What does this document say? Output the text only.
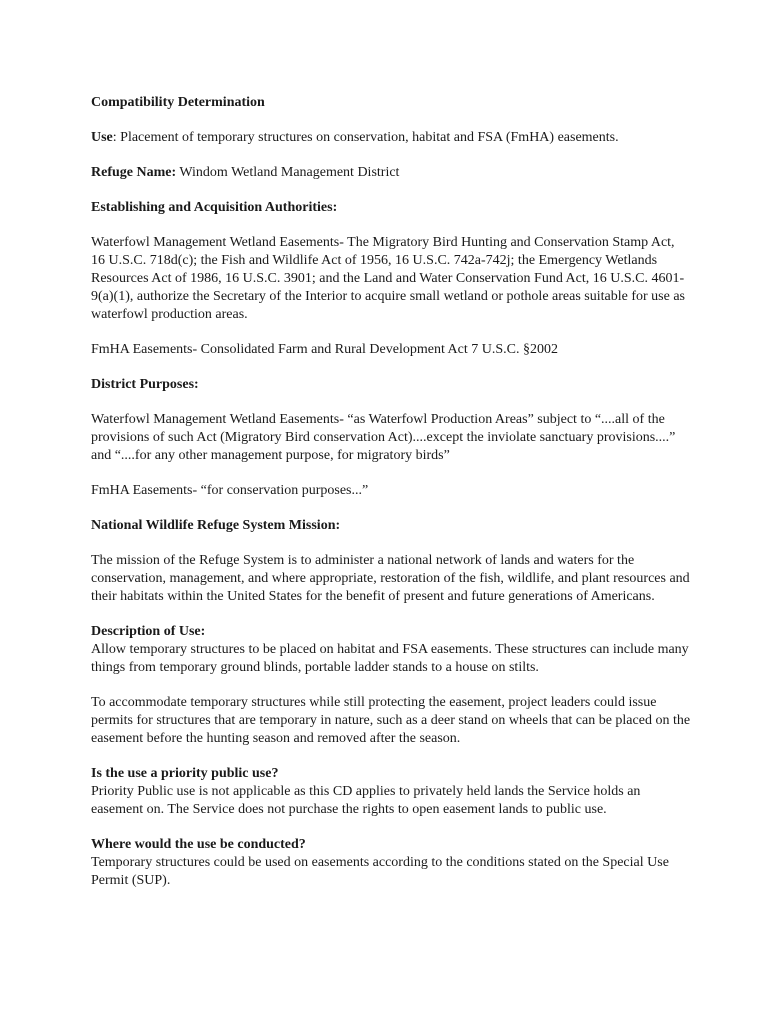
Compatibility Determination

Use: Placement of temporary structures on conservation, habitat and FSA (FmHA) easements.

Refuge Name: Windom Wetland Management District

Establishing and Acquisition Authorities:

Waterfowl Management Wetland Easements- The Migratory Bird Hunting and Conservation Stamp Act, 16 U.S.C. 718d(c); the Fish and Wildlife Act of 1956, 16 U.S.C. 742a-742j; the Emergency Wetlands Resources Act of 1986, 16 U.S.C. 3901; and the Land and Water Conservation Fund Act, 16 U.S.C. 4601-9(a)(1), authorize the Secretary of the Interior to acquire small wetland or pothole areas suitable for use as waterfowl production areas.

FmHA Easements- Consolidated Farm and Rural Development Act 7 U.S.C. §2002

District Purposes:

Waterfowl Management Wetland Easements- “as Waterfowl Production Areas” subject to “....all of the provisions of such Act (Migratory Bird conservation Act)....except the inviolate sanctuary provisions....” and “....for any other management purpose, for migratory birds”

FmHA Easements- “for conservation purposes...”

National Wildlife Refuge System Mission:

The mission of the Refuge System is to administer a national network of lands and waters for the conservation, management, and where appropriate, restoration of the fish, wildlife, and plant resources and their habitats within the United States for the benefit of present and future generations of Americans.

Description of Use:

Allow temporary structures to be placed on habitat and FSA easements. These structures can include many things from temporary ground blinds, portable ladder stands to a house on stilts.

To accommodate temporary structures while still protecting the easement, project leaders could issue permits for structures that are temporary in nature, such as a deer stand on wheels that can be placed on the easement before the hunting season and removed after the season.

Is the use a priority public use?

Priority Public use is not applicable as this CD applies to privately held lands the Service holds an easement on. The Service does not purchase the rights to open easement lands to public use.

Where would the use be conducted?

Temporary structures could be used on easements according to the conditions stated on the Special Use Permit (SUP).
